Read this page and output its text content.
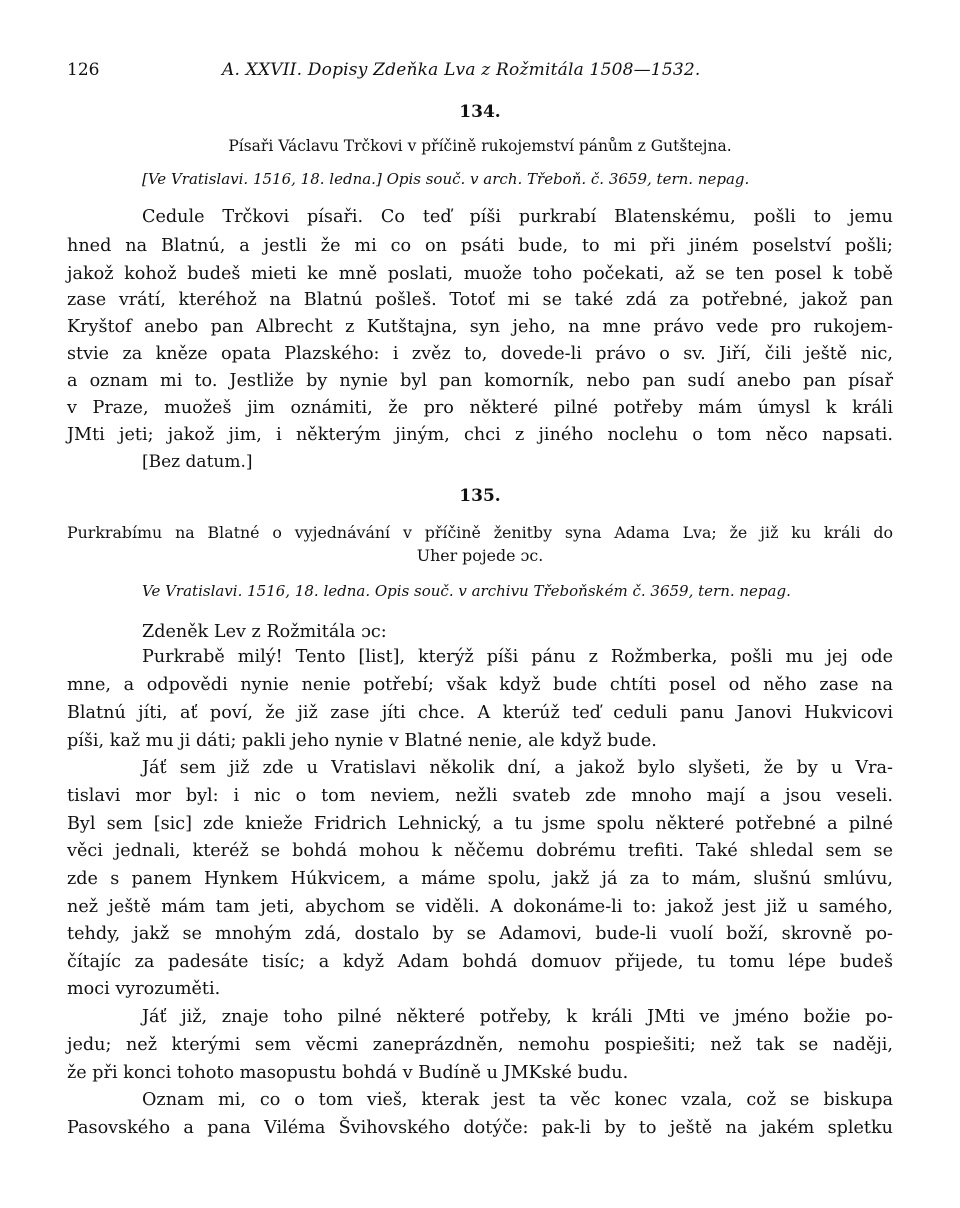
126	A. XXVII. Dopisy Zdeňka Lva z Rožmitála 1508—1532.
134.
Písaři Václavu Trčkovi v příčině rukojemství pánům z Gutštejna.
[Ve Vratislavi. 1516, 18. ledna.] Opis souč. v arch. Třeboň. č. 3659, tern. nepag.
Cedule Trčkovi písaři. Co teď píši purkrabí Blatenskému, pošli to jemu
hned na Blatnú, a jestli že mi co on psáti bude, to mi při jiném poselství pošli;
jakož kohož budeš mieti ke mně poslati, muože toho počekati, až se ten posel k tobě
zase vrátí, kteréhož na Blatnú pošleš. Totoť mi se také zdá za potřebné, jakož pan
Kryštof anebo pan Albrecht z Kutštajna, syn jeho, na mne právo vede pro rukojem-
stvie za kněze opata Plazského: i zvěz to, dovede-li právo o sv. Jiří, čili ještě nic,
a oznam mi to. Jestliže by nynie byl pan komorník, nebo pan sudí anebo pan písař
v Praze, muožeš jim oznámiti, že pro některé pilné potřeby mám úmysl k králi
JMti jeti; jakož jim, i některým jiným, chci z jiného noclehu o tom něco napsati.
[Bez datum.]
135.
Purkrabímu na Blatné o vyjednávání v příčině ženitby syna Adama Lva; že již ku králi do
Uher pojede ɔc.
Ve Vratislavi. 1516, 18. ledna. Opis souč. v archivu Třeboňském č. 3659, tern. nepag.
Zdeněk Lev z Rožmitála ɔc:
Purkrabě milý! Tento [list], kterýž píši pánu z Rožmberka, pošli mu jej ode
mne, a odpovědi nynie nenie potřebí; však když bude chtíti posel od něho zase na
Blatnú jíti, ať poví, že již zase jíti chce. A kterúž teď ceduli panu Janovi Hukvicovi
píši, kaž mu ji dáti; pakli jeho nynie v Blatné nenie, ale když bude.
Jáť sem již zde u Vratislavi několik dní, a jakož bylo slyšeti, že by u Vra-
tislavi mor byl: i nic o tom neviem, nežli svateb zde mnoho mají a jsou veseli.
Byl sem [sic] zde knieže Fridrich Lehnický, a tu jsme spolu některé potřebné a pilné
věci jednali, kteréž se bohdá mohou k něčemu dobrému trefiti. Také shledal sem se
zde s panem Hynkem Húkvicem, a máme spolu, jakž já za to mám, slušnú smlúvu,
než ještě mám tam jeti, abychom se viděli. A dokonáme-li to: jakož jest již u samého,
tehdy, jakž se mnohým zdá, dostalo by se Adamovi, bude-li vuolí boží, skrovně po-
čítajíc za padesáte tisíc; a když Adam bohdá domuov přijede, tu tomu lépe budeš
moci vyrozuměti.
Jáť již, znaje toho pilné některé potřeby, k králi JMti ve jméno božie po-
jedu; než kterými sem věcmi zaneprázdněn, nemohu pospiešiti; než tak se naději,
že při konci tohoto masopustu bohdá v Budíně u JMKské budu.
Oznam mi, co o tom vieš, kterak jest ta věc konec vzala, což se biskupa
Pasovského a pana Viléma Švihovského dotýče: pak-li by to ještě na jakém spletku
